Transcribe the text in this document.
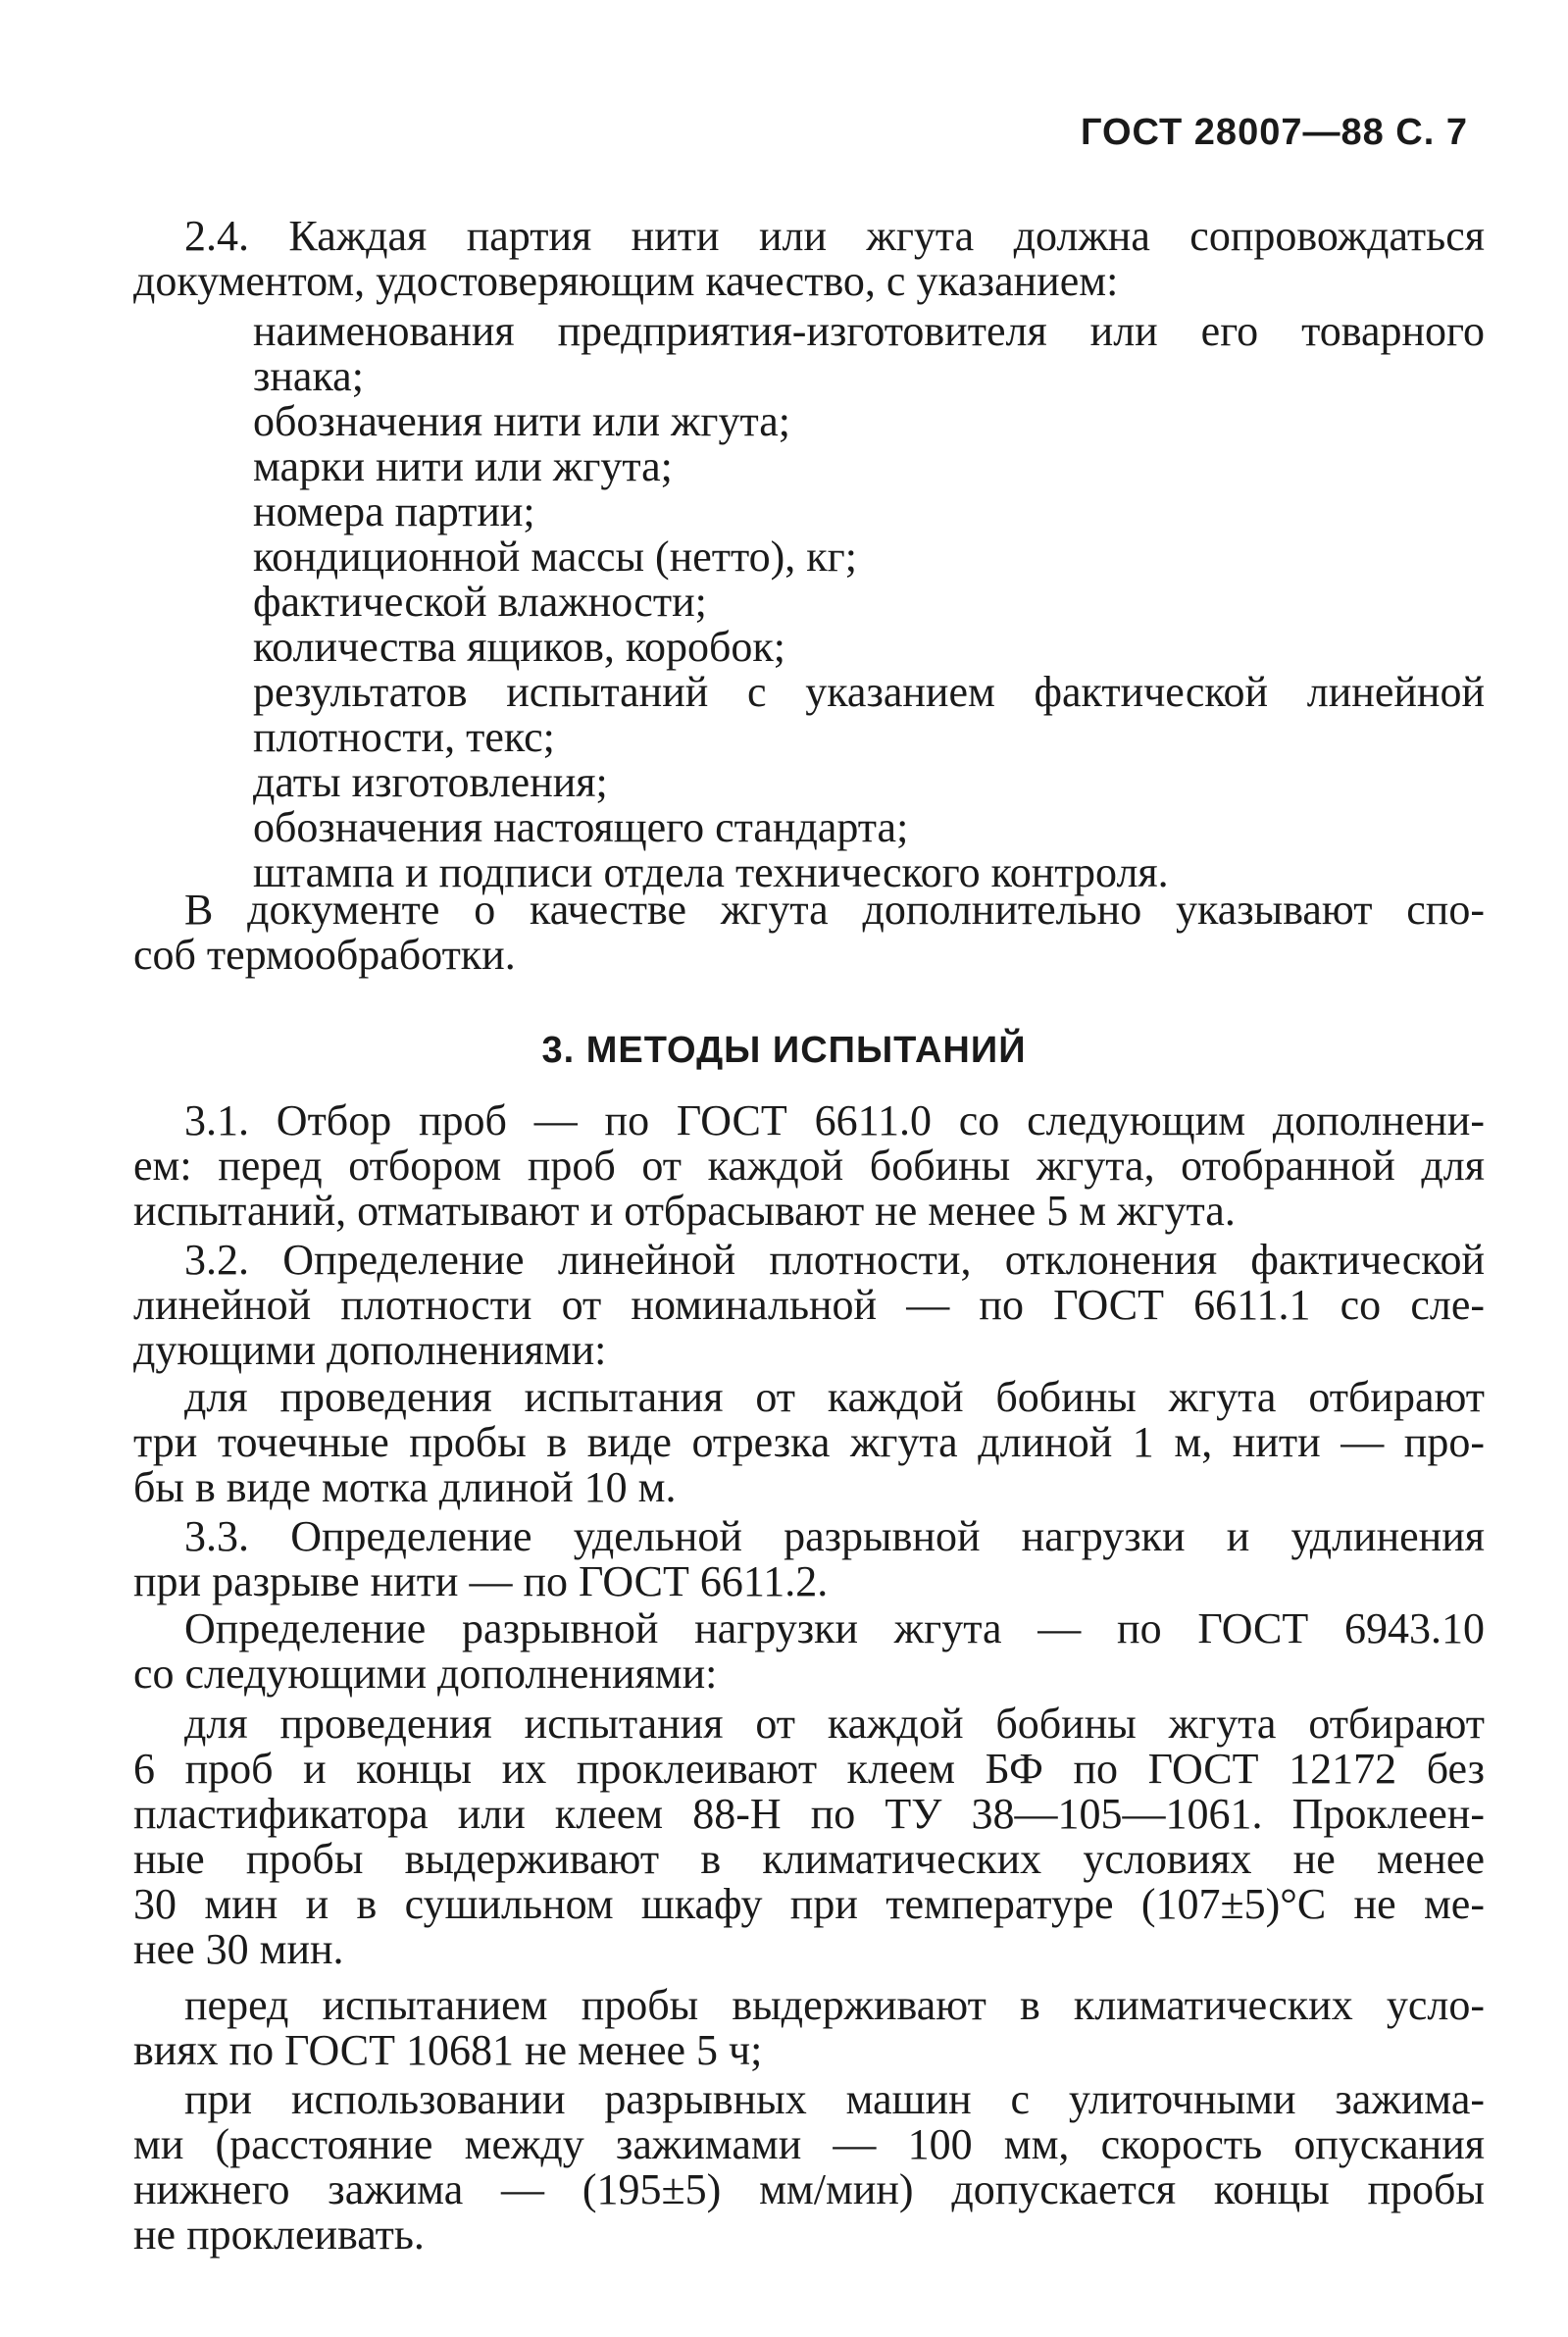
ГОСТ 28007—88 С. 7
2.4. Каждая партия нити или жгута должна сопровождаться
документом, удостоверяющим качество, с указанием:
наименования предприятия-изготовителя или его товарного
знака;
обозначения нити или жгута;
марки нити или жгута;
номера партии;
кондиционной массы (нетто), кг;
фактической влажности;
количества ящиков, коробок;
результатов испытаний с указанием фактической линейной
плотности, текс;
даты изготовления;
обозначения настоящего стандарта;
штампа и подписи отдела технического контроля.
В документе о качестве жгута дополнительно указывают спо-
соб термообработки.
3. МЕТОДЫ ИСПЫТАНИЙ
3.1. Отбор проб — по ГОСТ 6611.0 со следующим дополнени-
ем: перед отбором проб от каждой бобины жгута, отобранной для
испытаний, отматывают и отбрасывают не менее 5 м жгута.
3.2. Определение линейной плотности, отклонения фактической
линейной плотности от номинальной — по ГОСТ 6611.1 со сле-
дующими дополнениями:
для проведения испытания от каждой бобины жгута отбирают
три точечные пробы в виде отрезка жгута длиной 1 м, нити — про-
бы в виде мотка длиной 10 м.
3.3. Определение удельной разрывной нагрузки и удлинения
при разрыве нити — по ГОСТ 6611.2.
Определение разрывной нагрузки жгута — по ГОСТ 6943.10
со следующими дополнениями:
для проведения испытания от каждой бобины жгута отбирают
6 проб и концы их проклеивают клеем БФ по ГОСТ 12172 без
пластификатора или клеем 88-Н по ТУ 38—105—1061. Проклеен-
ные пробы выдерживают в климатических условиях не менее
30 мин и в сушильном шкафу при температуре (107±5)°С не ме-
нее 30 мин.
перед испытанием пробы выдерживают в климатических усло-
виях по ГОСТ 10681 не менее 5 ч;
при использовании разрывных машин с улиточными зажима-
ми (расстояние между зажимами — 100 мм, скорость опускания
нижнего зажима — (195±5) мм/мин) допускается концы пробы
не проклеивать.
